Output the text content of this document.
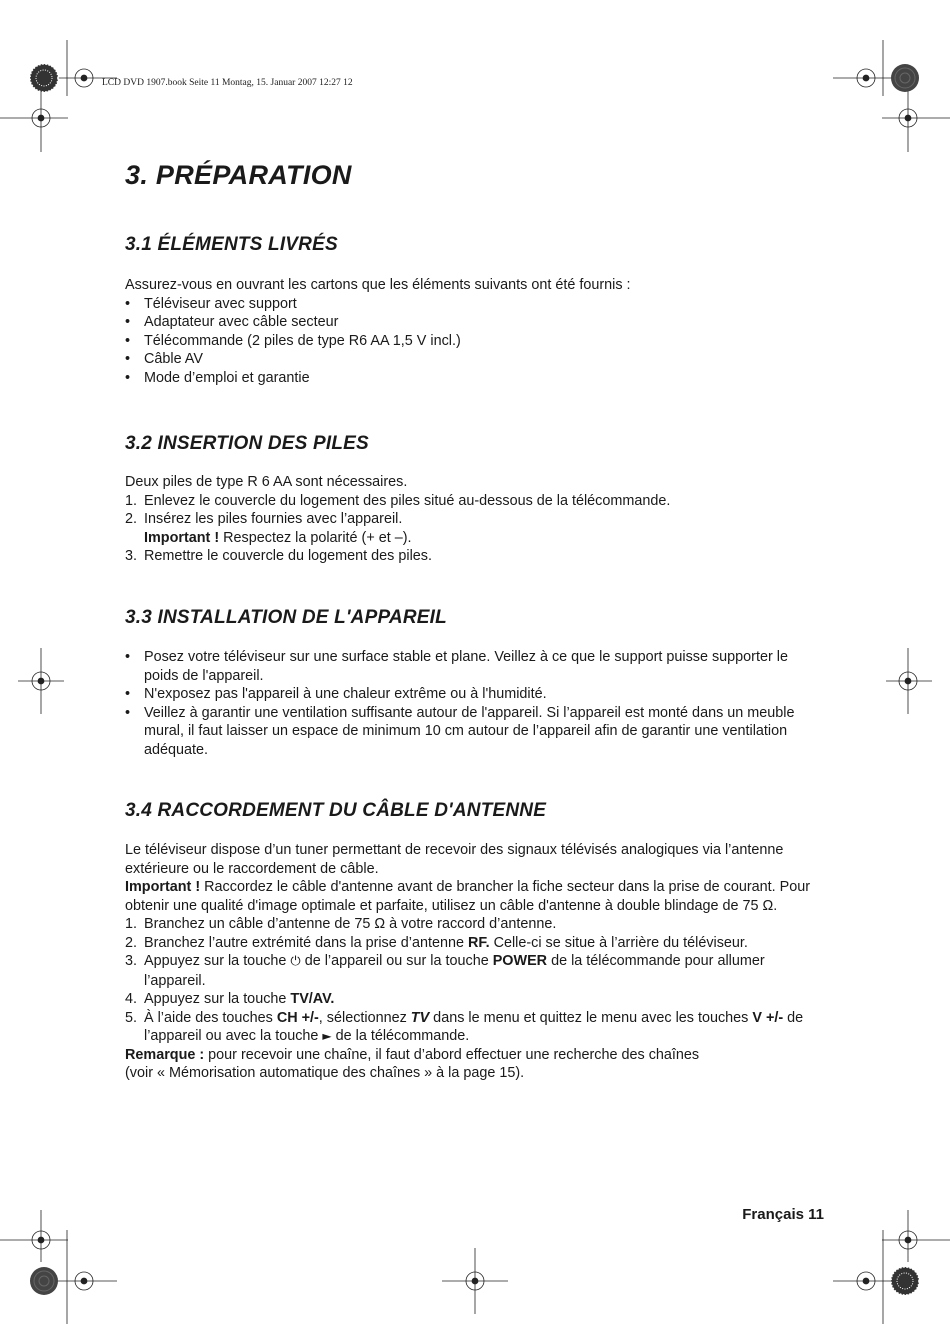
LCD DVD 1907.book Seite 11 Montag, 15. Januar 2007 12:27 12
3. PRÉPARATION
3.1 ÉLÉMENTS LIVRÉS

Assurez-vous en ouvrant les cartons que les éléments suivants ont été fournis :

• Téléviseur avec support
• Adaptateur avec câble secteur
• Télécommande (2 piles de type R6 AA 1,5 V incl.)
• Câble AV
• Mode d’emploi et garantie
3.2 INSERTION DES PILES

Deux piles de type R 6 AA sont nécessaires.

1. Enlevez le couvercle du logement des piles situé au-dessous de la télécommande.
2. Insérez les piles fournies avec l’appareil.
Important ! Respectez la polarité (+ et –).
3. Remettre le couvercle du logement des piles.
3.3 INSTALLATION DE L'APPAREIL
• Posez votre téléviseur sur une surface stable et plane. Veillez à ce que le support puisse supporter le poids de l'appareil.
• N'exposez pas l'appareil à une chaleur extrême ou à l'humidité.
• Veillez à garantir une ventilation suffisante autour de l'appareil. Si l’appareil est monté dans un meuble mural, il faut laisser un espace de minimum 10 cm autour de l’appareil afin de garantir une ventilation adéquate.
3.4 RACCORDEMENT DU CÂBLE D'ANTENNE

Le téléviseur dispose d’un tuner permettant de recevoir des signaux télévisés analogiques via l’antenne extérieure ou le raccordement de câble.

Important ! Raccordez le câble d'antenne avant de brancher la fiche secteur dans la prise de courant. Pour obtenir une qualité d'image optimale et parfaite, utilisez un câble d'antenne à double blindage de 75 Ω.

1. Branchez un câble d’antenne de 75 Ω à votre raccord d’antenne.
2. Branchez l’autre extrémité dans la prise d’antenne RF. Celle-ci se situe à l’arrière du téléviseur.
3. Appuyez sur la touche ⏻ de l’appareil ou sur la touche POWER de la télécommande pour allumer l’appareil.
4. Appuyez sur la touche TV/AV.
5. À l’aide des touches CH +/-, sélectionnez TV dans le menu et quittez le menu avec les touches V +/- de l’appareil ou avec la touche ► de la télécommande.

Remarque : pour recevoir une chaîne, il faut d’abord effectuer une recherche des chaînes
(voir « Mémorisation automatique des chaînes » à la page 15).

Français 11
